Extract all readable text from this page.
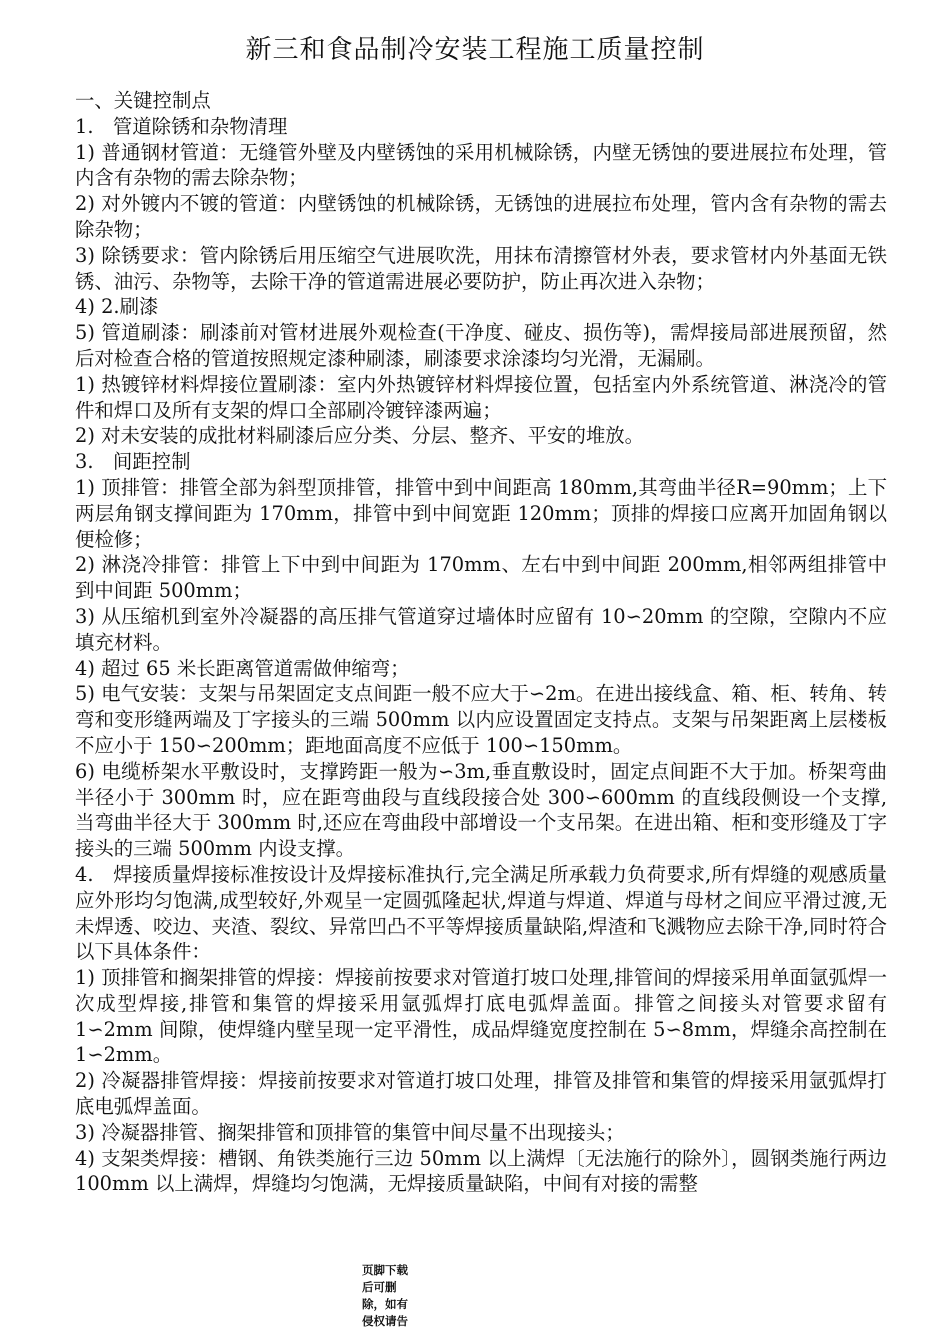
新三和食品制冷安装工程施工质量控制

一、关键控制点

1.　管道除锈和杂物清理

1) 普通钢材管道：无缝管外壁及内壁锈蚀的采用机械除锈，内壁无锈蚀的要进展拉布处理，管内含有杂物的需去除杂物；

2) 对外镀内不镀的管道：内壁锈蚀的机械除锈，无锈蚀的进展拉布处理，管内含有杂物的需去除杂物；

3) 除锈要求：管内除锈后用压缩空气进展吹洗，用抹布清擦管材外表，要求管材内外基面无铁锈、油污、杂物等，去除干净的管道需进展必要防护，防止再次进入杂物；

4) 2.刷漆

5) 管道刷漆：刷漆前对管材进展外观检查(干净度、碰皮、损伤等)，需焊接局部进展预留，然后对检查合格的管道按照规定漆种刷漆，刷漆要求涂漆均匀光滑，无漏刷。

1) 热镀锌材料焊接位置刷漆：室内外热镀锌材料焊接位置，包括室内外系统管道、淋浇冷的管件和焊口及所有支架的焊口全部刷冷镀锌漆两遍；

2) 对未安装的成批材料刷漆后应分类、分层、整齐、平安的堆放。

3.　间距控制

1) 顶排管：排管全部为斜型顶排管，排管中到中间距高 180mm,其弯曲半径R=90mm；上下两层角钢支撑间距为 170mm，排管中到中间宽距 120mm；顶排的焊接口应离开加固角钢以便检修；

2) 淋浇冷排管：排管上下中到中间距为 170mm、左右中到中间距 200mm,相邻两组排管中到中间距 500mm；

3) 从压缩机到室外冷凝器的高压排气管道穿过墙体时应留有 10∽20mm 的空隙，空隙内不应填充材料。

4) 超过 65 米长距离管道需做伸缩弯；

5) 电气安装：支架与吊架固定支点间距一般不应大于∽2m。在进出接线盒、箱、柜、转角、转弯和变形缝两端及丁字接头的三端 500mm 以内应设置固定支持点。支架与吊架距离上层楼板不应小于 150∽200mm；距地面高度不应低于 100∽150mm。

6) 电缆桥架水平敷设时，支撑跨距一般为∽3m,垂直敷设时，固定点间距不大于加。桥架弯曲半径小于 300mm 时，应在距弯曲段与直线段接合处 300∽600mm 的直线段侧设一个支撑,当弯曲半径大于 300mm 时,还应在弯曲段中部增设一个支吊架。在进出箱、柜和变形缝及丁字接头的三端 500mm 内设支撑。

4.　焊接质量焊接标准按设计及焊接标准执行,完全满足所承载力负荷要求,所有焊缝的观感质量应外形均匀饱满,成型较好,外观呈一定圆弧隆起状,焊道与焊道、焊道与母材之间应平滑过渡,无未焊透、咬边、夹渣、裂纹、异常凹凸不平等焊接质量缺陷,焊渣和飞溅物应去除干净,同时符合以下具体条件：

1) 顶排管和搁架排管的焊接：焊接前按要求对管道打坡口处理,排管间的焊接采用单面氩弧焊一次成型焊接,排管和集管的焊接采用氩弧焊打底电弧焊盖面。排管之间接头对管要求留有 1∽2mm 间隙，使焊缝内壁呈现一定平滑性，成品焊缝宽度控制在 5∽8mm，焊缝余高控制在 1∽2mm。

2) 冷凝器排管焊接：焊接前按要求对管道打坡口处理，排管及排管和集管的焊接采用氩弧焊打底电弧焊盖面。

3) 冷凝器排管、搁架排管和顶排管的集管中间尽量不出现接头；

4) 支架类焊接：槽钢、角铁类施行三边 50mm 以上满焊〔无法施行的除外〕，圆钢类施行两边 100mm 以上满焊，焊缝均匀饱满，无焊接质量缺陷，中间有对接的需整

页脚下载后可删除，如有侵权请告
